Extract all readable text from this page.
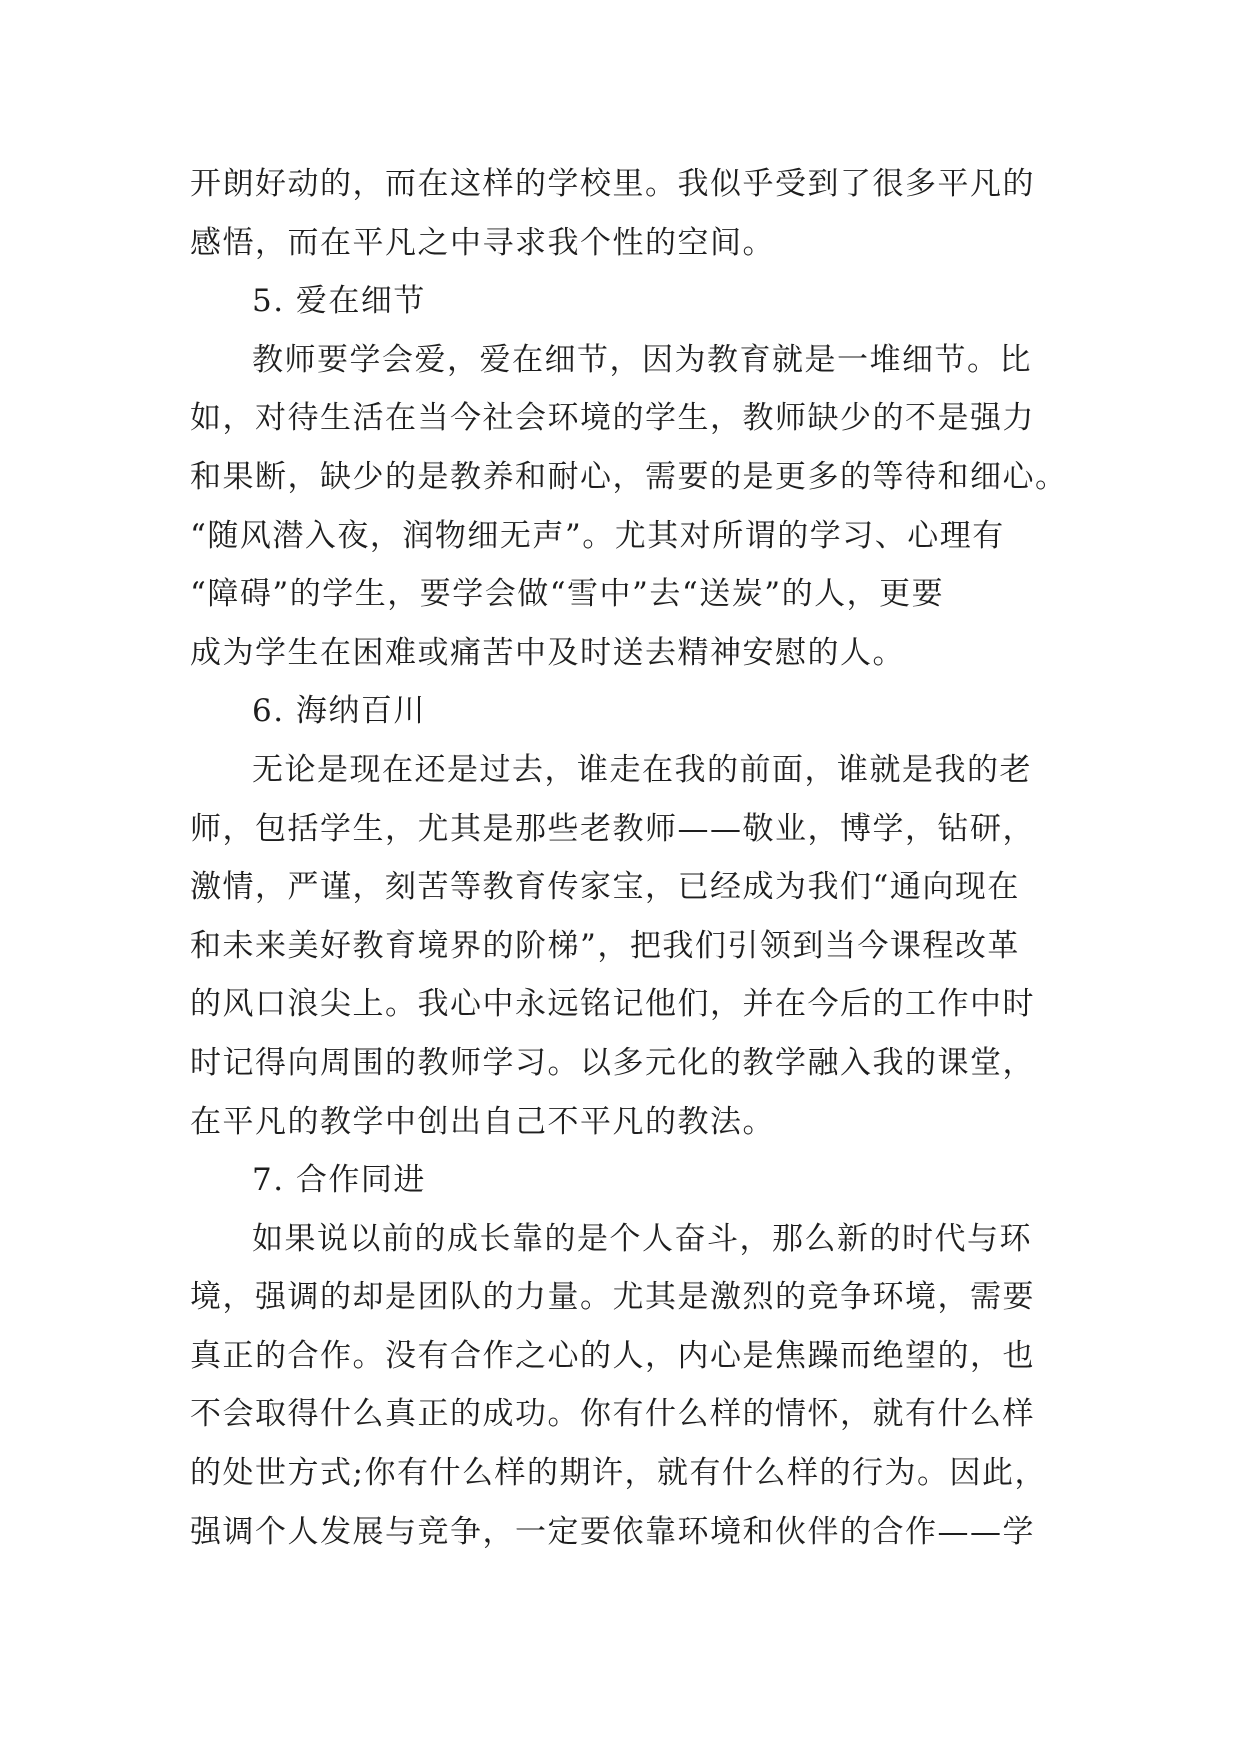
开朗好动的，而在这样的学校里。我似乎受到了很多平凡的
感悟，而在平凡之中寻求我个性的空间。
5. 爱在细节
教师要学会爱，爱在细节，因为教育就是一堆细节。比
如，对待生活在当今社会环境的学生，教师缺少的不是强力
和果断，缺少的是教养和耐心，需要的是更多的等待和细心。
“随风潜入夜，润物细无声”。尤其对所谓的学习、心理有
“障碍”的学生，要学会做“雪中”去“送炭”的人，更要
成为学生在困难或痛苦中及时送去精神安慰的人。
6. 海纳百川
无论是现在还是过去，谁走在我的前面，谁就是我的老
师，包括学生，尤其是那些老教师——敬业，博学，钻研，
激情，严谨，刻苦等教育传家宝，已经成为我们“通向现在
和未来美好教育境界的阶梯”，把我们引领到当今课程改革
的风口浪尖上。我心中永远铭记他们，并在今后的工作中时
时记得向周围的教师学习。以多元化的教学融入我的课堂，
在平凡的教学中创出自己不平凡的教法。
7. 合作同进
如果说以前的成长靠的是个人奋斗，那么新的时代与环
境，强调的却是团队的力量。尤其是激烈的竞争环境，需要
真正的合作。没有合作之心的人，内心是焦躁而绝望的，也
不会取得什么真正的成功。你有什么样的情怀，就有什么样
的处世方式;你有什么样的期许，就有什么样的行为。因此，
强调个人发展与竞争，一定要依靠环境和伙伴的合作——学
